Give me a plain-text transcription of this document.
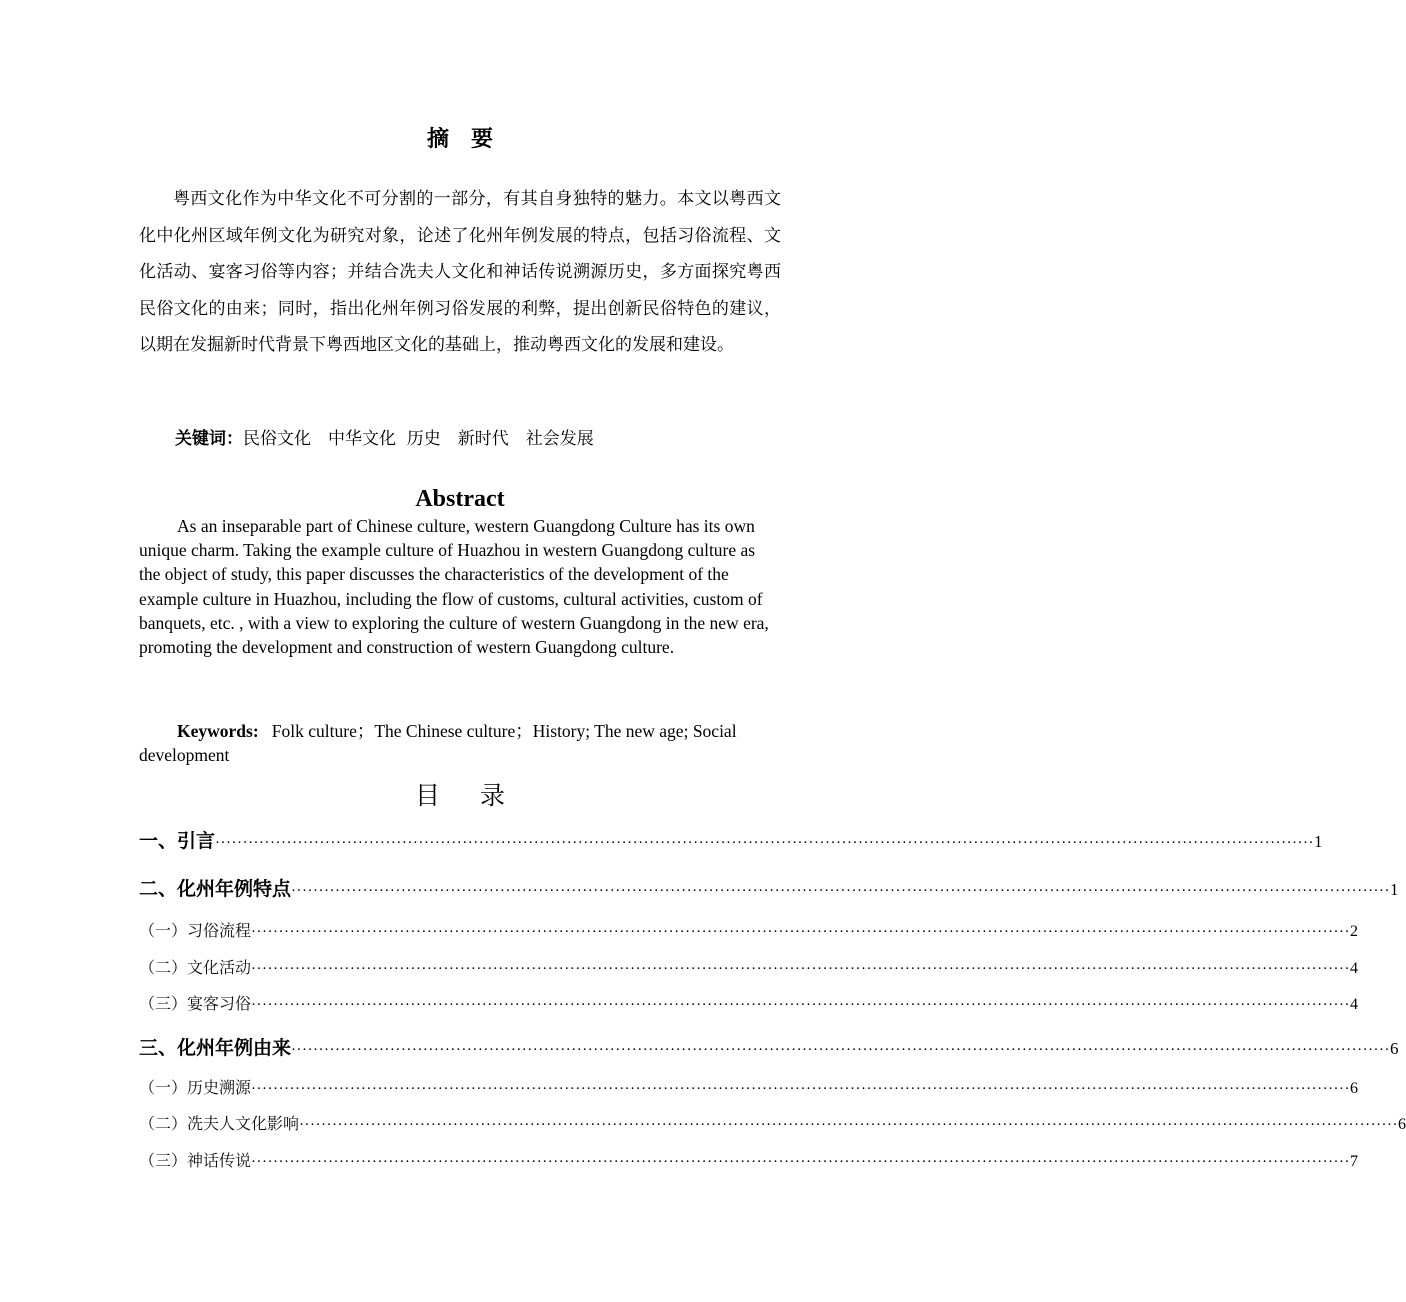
摘 要
粤西文化作为中华文化不可分割的一部分，有其自身独特的魅力。本文以粤西文化中化州区域年例文化为研究对象，论述了化州年例发展的特点，包括习俗流程、文化活动、宴客习俗等内容；并结合冼夫人文化和神话传说溯源历史，多方面探究粤西民俗文化的由来；同时，指出化州年例习俗发展的利弊，提出创新民俗特色的建议，以期在发掘新时代背景下粤西地区文化的基础上，推动粤西文化的发展和建设。
关键词：民俗文化　中华文化  历史　新时代　社会发展
Abstract
As an inseparable part of Chinese culture, western Guangdong Culture has its own unique charm. Taking the example culture of Huazhou in western Guangdong culture as the object of study, this paper discusses the characteristics of the development of the example culture in Huazhou, including the flow of customs, cultural activities, custom of banquets, etc. , with a view to exploring the culture of western Guangdong in the new era, promoting the development and construction of western Guangdong culture.
Keywords: Folk culture；The Chinese culture；History; The new age; Social development
目 录
一、引言 ········································································································································································································ 1
二、化州年例特点 ········································································································································································································ 1
（一）习俗流程 ········································································································································································································ 2
（二）文化活动 ········································································································································································································ 4
（三）宴客习俗 ········································································································································································································ 4
三、化州年例由来 ········································································································································································································ 6
（一）历史溯源 ········································································································································································································ 6
（二）冼夫人文化影响 ········································································································································································································ 6
（三）神话传说 ········································································································································································································ 7
